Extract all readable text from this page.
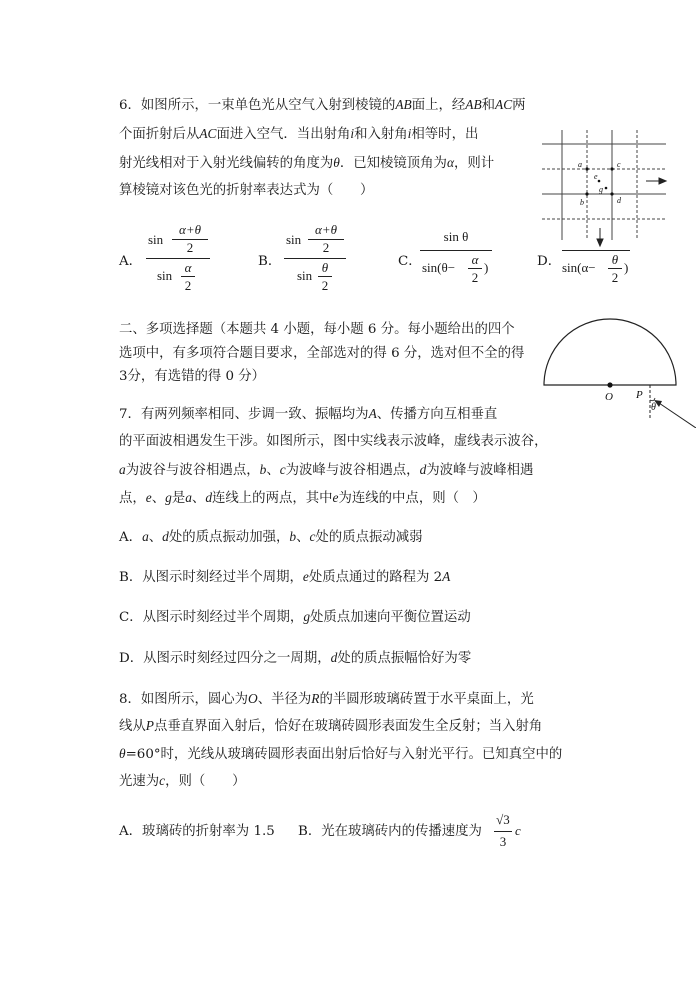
6．如图所示，一束单色光从空气入射到棱镜的AB面上，经AB和AC两
个面折射后从AC面进入空气．当出射角i和入射角i相等时，出
射光线相对于入射光线偏转的角度为θ．已知棱镜顶角为α，则计
算棱镜对该色光的折射率表达式为（　　）
A．
sin
α+θ
2
sin
α
2
B．
sin
α+θ
2
sin
θ
2
C．
sin θ
sin(θ−
α
2
)	D． sin(α−
θ
2
)
a	c
e
g
b	d
二、多项选择题（本题共 4 小题，每小题 6 分。每小题给出的四个
选项中，有多项符合题目要求，全部选对的得 6 分，选对但不全的得
3分，有选错的得 0 分）
O P
θ
7．有两列频率相同、步调一致、振幅均为A、传播方向互相垂直
的平面波相遇发生干涉。如图所示，图中实线表示波峰，虚线表示波谷，
a为波谷与波谷相遇点，b、c为波峰与波谷相遇点，d为波峰与波峰相遇
点，e、g是a、d连线上的两点，其中e为连线的中点，则（　）
A．a、d处的质点振动加强，b、c处的质点振动减弱
B．从图示时刻经过半个周期，e处质点通过的路程为 2A
C．从图示时刻经过半个周期，g处质点加速向平衡位置运动
D．从图示时刻经过四分之一周期，d处的质点振幅恰好为零
8．如图所示，圆心为O、半径为R的半圆形玻璃砖置于水平桌面上，光
线从P点垂直界面入射后，恰好在玻璃砖圆形表面发生全反射；当入射角
θ=60°时，光线从玻璃砖圆形表面出射后恰好与入射光平行。已知真空中的
光速为c，则（　　）
A．玻璃砖的折射率为 1.5 B．光在玻璃砖内的传播速度为
√3
3
c
